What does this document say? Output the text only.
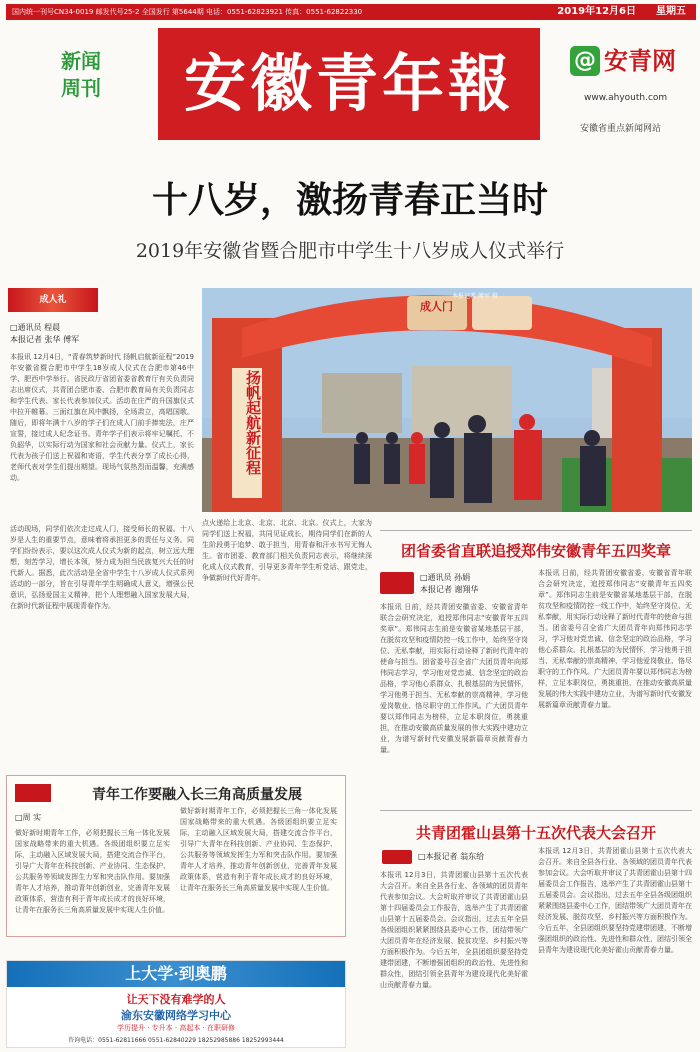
国内统一刊号CN34-0019 邮发代号25-2 全国发行 第5644期 电话：0551-62823921 传真：0551-62822330	2019年12月6日 星期五
新闻
周刊	安徽青年報	@ 安青网
www.ahyouth.com
安徽省重点新闻网站
十八岁，激扬青春正当时
2019年安徽省暨合肥市中学生十八岁成人仪式举行
成人礼
□通讯员 程晨
本报记者 张华 傅军
本报讯 12月4日，“青春筑梦新时代 扬帆启航新征程”2019年安徽省暨合肥市中学生18岁成人仪式在合肥市第46中学、肥西中学举行。省民政厅省团省委省教育厅有关负责同志出席仪式，共青团合肥市委、合肥市教育局有关负责同志和学生代表、家长代表参加仪式。活动在庄严的升国旗仪式中拉开帷幕。三面红旗在风中飘扬，全场肃立，高唱国歌。随后，即将年满十八岁的学子们在成人门前手捧宪法，庄严宣誓，接过成人纪念证书。青年学子们表示将牢记嘱托、不负韶华，以实际行动为国家和社会贡献力量。仪式上，家长代表为孩子们送上祝福和寄语，学生代表分享了成长心得，老师代表对学生们提出期望。现场气氛热烈而温馨，充满感动。
活动现场，同学们依次走过成人门，接受师长的祝福。十八岁是人生的重要节点，意味着将承担更多的责任与义务。同学们纷纷表示，要以这次成人仪式为新的起点，树立远大理想，刻苦学习，增长本领，努力成为担当民族复兴大任的时代新人。据悉，此次活动是全省中学生十八岁成人仪式系列活动的一部分，旨在引导青年学生明确成人意义，增强公民意识，弘扬爱国主义精神，把个人理想融入国家发展大局，在新时代新征程中展现青春作为。
点火递给上北京、北京、北京、北京。仪式上，大家为同学们送上祝福，共同见证成长，期待同学们在新的人生阶段勇于追梦、敢于担当，用青春和汗水书写无悔人生。省市团委、教育部门相关负责同志表示，将继续深化成人仪式教育，引导更多青年学生听党话、跟党走，争做新时代好青年。
本报记者 傅军 摄
成人门
扬帆起航新征程
团省委省直联追授郑伟安徽青年五四奖章
□通讯员 孙娟
本报记者 谢翔华
本报讯 日前，经共青团安徽省委、安徽省青年联合会研究决定，追授郑伟同志“安徽青年五四奖章”。郑伟同志生前是安徽省某地基层干部，在脱贫攻坚和疫情防控一线工作中，始终坚守岗位、无私奉献，用实际行动诠释了新时代青年的使命与担当。团省委号召全省广大团员青年向郑伟同志学习，学习他对党忠诚、信念坚定的政治品格，学习他心系群众、扎根基层的为民情怀，学习他勇于担当、无私奉献的崇高精神，学习他爱岗敬业、恪尽职守的工作作风。广大团员青年要以郑伟同志为榜样，立足本职岗位，勇挑重担，在推动安徽高质量发展的伟大实践中建功立业，为谱写新时代安徽发展新篇章贡献青春力量。
本报讯 日前，经共青团安徽省委、安徽省青年联合会研究决定，追授郑伟同志“安徽青年五四奖章”。郑伟同志生前是安徽省某地基层干部，在脱贫攻坚和疫情防控一线工作中，始终坚守岗位、无私奉献，用实际行动诠释了新时代青年的使命与担当。团省委号召全省广大团员青年向郑伟同志学习，学习他对党忠诚、信念坚定的政治品格，学习他心系群众、扎根基层的为民情怀，学习他勇于担当、无私奉献的崇高精神，学习他爱岗敬业、恪尽职守的工作作风。广大团员青年要以郑伟同志为榜样，立足本职岗位，勇挑重担，在推动安徽高质量发展的伟大实践中建功立业，为谱写新时代安徽发展新篇章贡献青春力量。
共青团霍山县第十五次代表大会召开
□本报记者 翁东给
本报讯 12月3日，共青团霍山县第十五次代表大会召开。来自全县各行业、各领域的团员青年代表参加会议。大会听取并审议了共青团霍山县第十四届委员会工作报告，选举产生了共青团霍山县第十五届委员会。会议指出，过去五年全县各级团组织紧紧围绕县委中心工作，团结带领广大团员青年在经济发展、脱贫攻坚、乡村振兴等方面积极作为。今后五年，全县团组织要坚持党建带团建，不断增强团组织的政治性、先进性和群众性，团结引领全县青年为建设现代化美好霍山贡献青春力量。
本报讯 12月3日，共青团霍山县第十五次代表大会召开。来自全县各行业、各领域的团员青年代表参加会议。大会听取并审议了共青团霍山县第十四届委员会工作报告，选举产生了共青团霍山县第十五届委员会。会议指出，过去五年全县各级团组织紧紧围绕县委中心工作，团结带领广大团员青年在经济发展、脱贫攻坚、乡村振兴等方面积极作为。今后五年，全县团组织要坚持党建带团建，不断增强团组织的政治性、先进性和群众性，团结引领全县青年为建设现代化美好霍山贡献青春力量。
青年工作要融入长三角高质量发展
□周 实
做好新时期青年工作，必须把握长三角一体化发展国家战略带来的重大机遇。各级团组织要立足实际，主动融入区域发展大局，搭建交流合作平台，引导广大青年在科技创新、产业协同、生态保护、公共服务等领域发挥生力军和突击队作用。要加强青年人才培养，推动青年创新创业，完善青年发展政策体系，营造有利于青年成长成才的良好环境，让青年在服务长三角高质量发展中实现人生价值。
做好新时期青年工作，必须把握长三角一体化发展国家战略带来的重大机遇。各级团组织要立足实际，主动融入区域发展大局，搭建交流合作平台，引导广大青年在科技创新、产业协同、生态保护、公共服务等领域发挥生力军和突击队作用。要加强青年人才培养，推动青年创新创业，完善青年发展政策体系，营造有利于青年成长成才的良好环境，让青年在服务长三角高质量发展中实现人生价值。
上大学·到奥鹏
让天下没有难学的人
渝东安徽网络学习中心
学历提升 · 专升本 · 高起本 · 在职研修
咨询电话：0551-62811666 0551-62840229 18252985886 18252993444
